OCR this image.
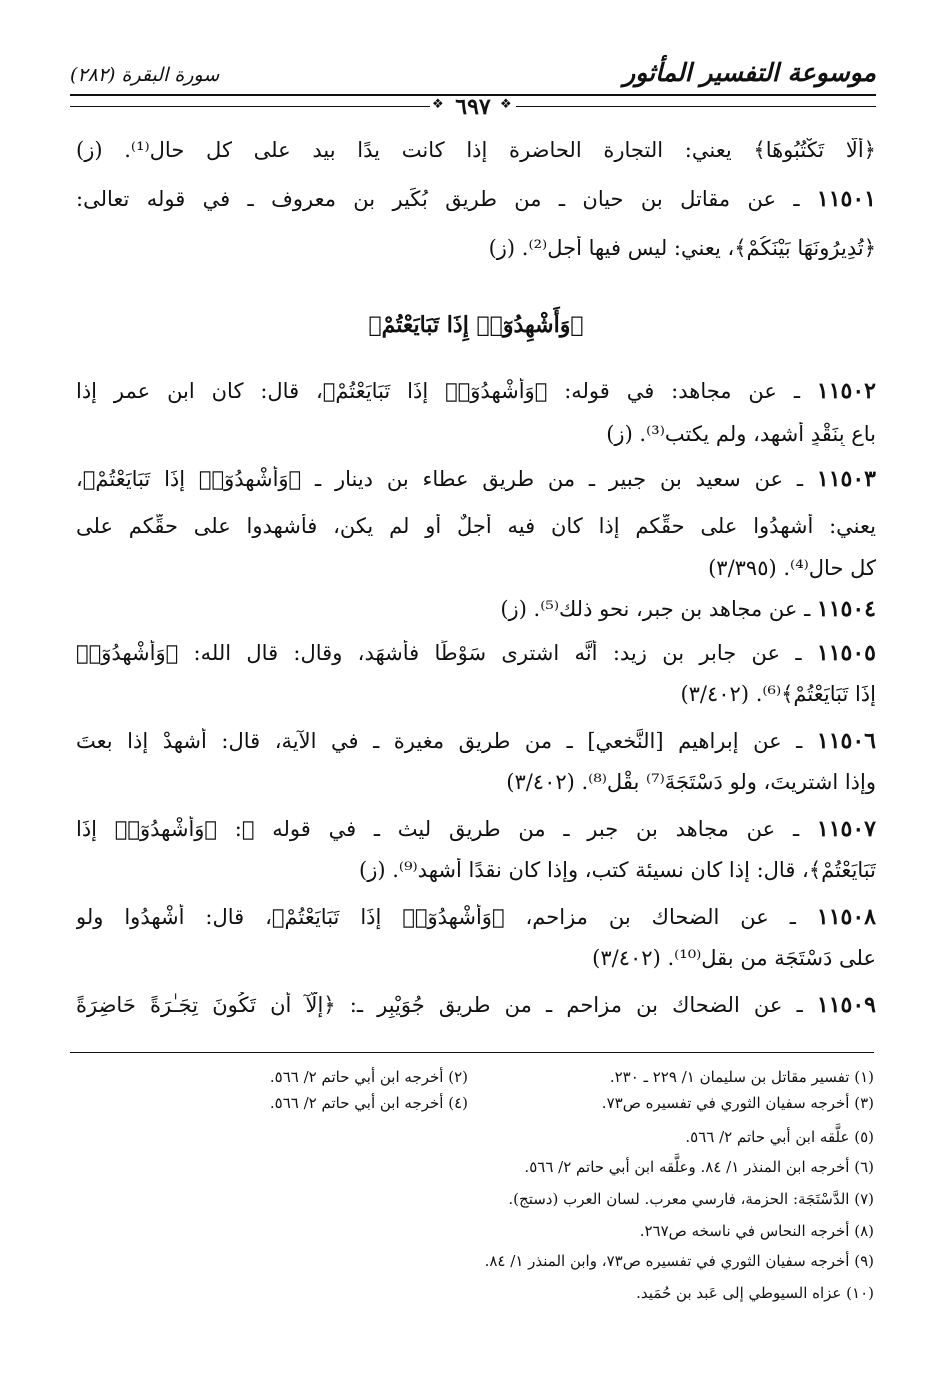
موسوعة التفسير المأثور
سورة البقرة (٢٨٢)
❖ ٦٩٧ ❖
﴿أَلَّا تَكْتُبُوهَا﴾ يعني: التجارة الحاضرة إذا كانت يدًا بيد على كل حال⁽¹⁾. (ز)
١١٥٠١ ـ عن مقاتل بن حيان ـ من طريق بُكَير بن معروف ـ في قوله تعالى:
﴿تُدِيرُونَهَا بَيْنَكُمْ﴾، يعني: ليس فيها أجل⁽²⁾. (ز)
﴿وَأَشْهِدُوٓا۟ إِذَا تَبَايَعْتُمْ﴾
١١٥٠٢ ـ عن مجاهد: في قوله: ﴿وَأَشْهِدُوٓا۟ إِذَا تَبَايَعْتُمْ﴾، قال: كان ابن عمر إذا
باع بِنَقْدٍ أشهد، ولم يكتب⁽³⁾. (ز)
١١٥٠٣ ـ عن سعيد بن جبير ـ من طريق عطاء بن دينار ـ ﴿وَأَشْهِدُوٓا۟ إِذَا تَبَايَعْتُمْ﴾،
يعني: أشهِدُوا على حقِّكم إذا كان فيه أجلٌ أو لم يكن، فأشهِدوا على حقِّكم على
كل حال⁽⁴⁾. (٣/٣٩٥)
١١٥٠٤ ـ عن مجاهد بن جبر، نحو ذلك⁽⁵⁾. (ز)
١١٥٠٥ ـ عن جابر بن زيد: أنَّه اشترى سَوْطًا فأشهَد، وقال: قال الله: ﴿وَأَشْهِدُوٓا۟
إِذَا تَبَايَعْتُمْ﴾⁽⁶⁾. (٣/٤٠٢)
١١٥٠٦ ـ عن إبراهيم [النَّخعي] ـ من طريق مغيرة ـ في الآية، قال: أشهِدْ إذا بعتَ
وإذا اشتريتَ، ولو دَسْتَجَةَ⁽⁷⁾ بقْل⁽⁸⁾. (٣/٤٠٢)
١١٥٠٧ ـ عن مجاهد بن جبر ـ من طريق ليث ـ في قوله ﷻ: ﴿وَأَشْهِدُوٓا۟ إِذَا
تَبَايَعْتُمْ﴾، قال: إذا كان نسيئة كتب، وإذا كان نقدًا أشهد⁽⁹⁾. (ز)
١١٥٠٨ ـ عن الضحاك بن مزاحم، ﴿وَأَشْهِدُوٓا۟ إِذَا تَبَايَعْتُمْ﴾، قال: أشْهِدُوا ولو
على دَسْتَجَة من بقل⁽¹⁰⁾. (٣/٤٠٢)
١١٥٠٩ ـ عن الضحاك بن مزاحم ـ من طريق جُوَيْبِر ـ: ﴿إِلَّآ أَن تَكُونَ تِجَـٰرَةً حَاضِرَةً
(١) تفسير مقاتل بن سليمان ١/ ٢٢٩ ـ ٢٣٠.
(٢) أخرجه ابن أبي حاتم ٢/ ٥٦٦.
(٣) أخرجه سفيان الثوري في تفسيره ص٧٣.
(٤) أخرجه ابن أبي حاتم ٢/ ٥٦٦.
(٥) علَّقه ابن أبي حاتم ٢/ ٥٦٦.
(٦) أخرجه ابن المنذر ١/ ٨٤. وعلَّقه ابن أبي حاتم ٢/ ٥٦٦.
(٧) الدَّسْتَجَة: الحزمة، فارسي معرب. لسان العرب (دستج).
(٨) أخرجه النحاس في ناسخه ص٢٦٧.
(٩) أخرجه سفيان الثوري في تفسيره ص٧٣، وابن المنذر ١/ ٨٤.
(١٠) عزاه السيوطي إلى عَبد بن حُمَيد.
